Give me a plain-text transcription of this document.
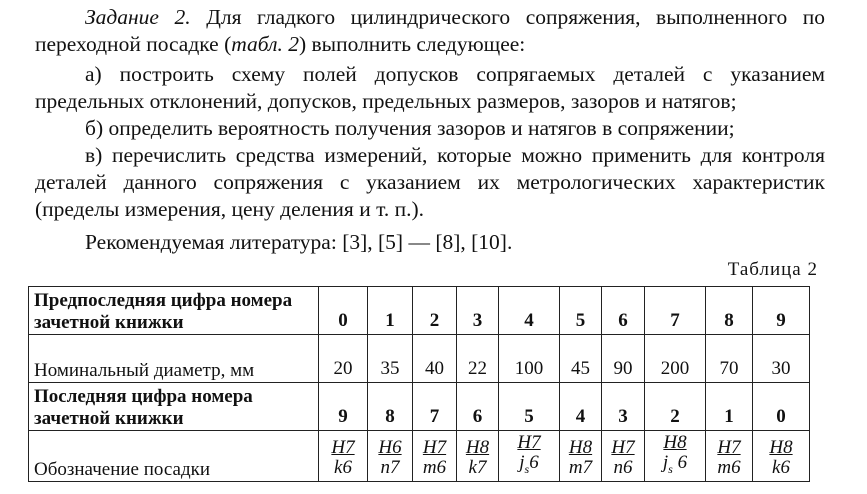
Задание 2. Для гладкого цилиндрического сопряжения, выполненного по переходной посадке (табл. 2) выполнить следующее:
а) построить схему полей допусков сопрягаемых деталей с указанием предельных отклонений, допусков, предельных размеров, зазоров и натягов;
б) определить вероятность получения зазоров и натягов в сопряжении;
в) перечислить средства измерений, которые можно применить для контроля деталей данного сопряжения с указанием их метрологических характеристик (пределы измерения, цену деления и т. п.).
Рекомендуемая литература: [3], [5] — [8], [10].
Таблица 2
Предпоследняя цифра номера зачетной книжки	0	1	2	3	4	5	6	7	8	9
Номинальный диаметр, мм	20	35	40	22	100	45	90	200	70	30
Последняя цифра номера зачетной книжки	9	8	7	6	5	4	3	2	1	0
Обозначение посадки	$\frac{H7}{k6}$	$\frac{H6}{n7}$	$\frac{H7}{m6}$	$\frac{H8}{k7}$	$\frac{H7}{j_s6}$	$\frac{H8}{m7}$	$\frac{H7}{n6}$	$\frac{H8}{j_s 6}$	$\frac{H7}{m6}$	$\frac{H8}{k6}$
